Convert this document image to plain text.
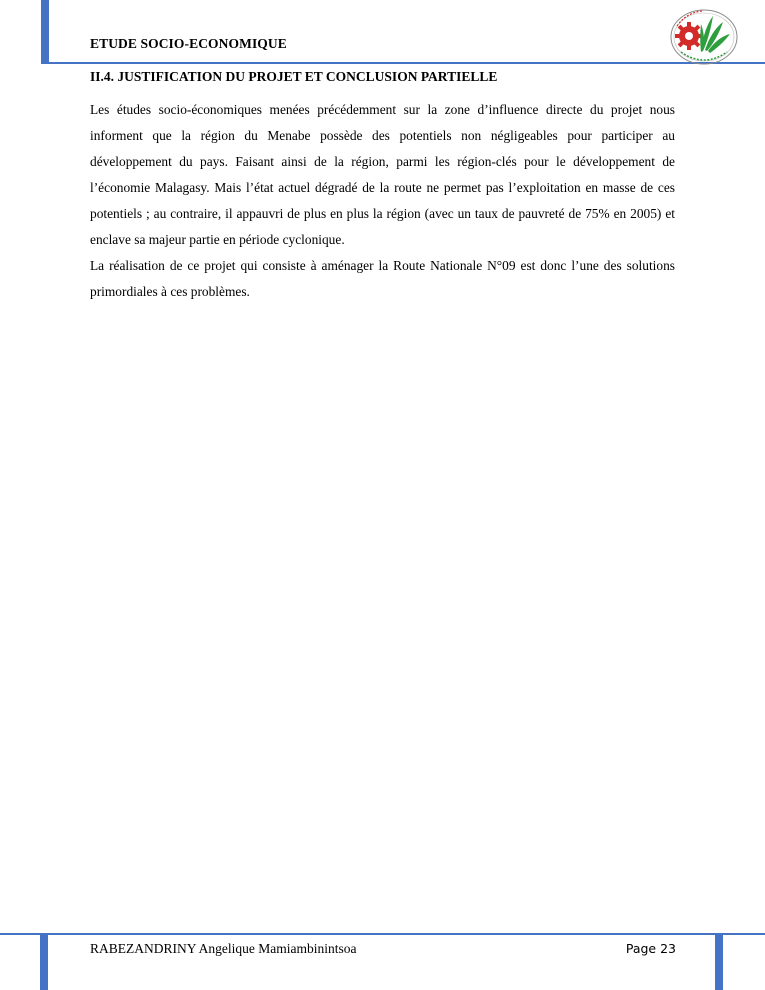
ETUDE SOCIO-ECONOMIQUE
II.4. JUSTIFICATION DU PROJET ET CONCLUSION PARTIELLE

Les études socio-économiques menées précédemment sur la zone d’influence directe du projet nous informent que la région du Menabe possède des potentiels non négligeables pour participer au développement du pays. Faisant ainsi de la région, parmi les région-clés pour le développement de l’économie Malagasy. Mais l’état actuel dégradé de la route ne permet pas l’exploitation en masse de ces potentiels ; au contraire, il appauvri de plus en plus la région (avec un taux de pauvreté de 75% en 2005) et enclave sa majeur partie en période cyclonique.

La réalisation de ce projet qui consiste à aménager la Route Nationale N°09 est donc l’une des solutions primordiales à ces problèmes.

RABEZANDRINY Angelique Mamiambinintsoa	Page 23
